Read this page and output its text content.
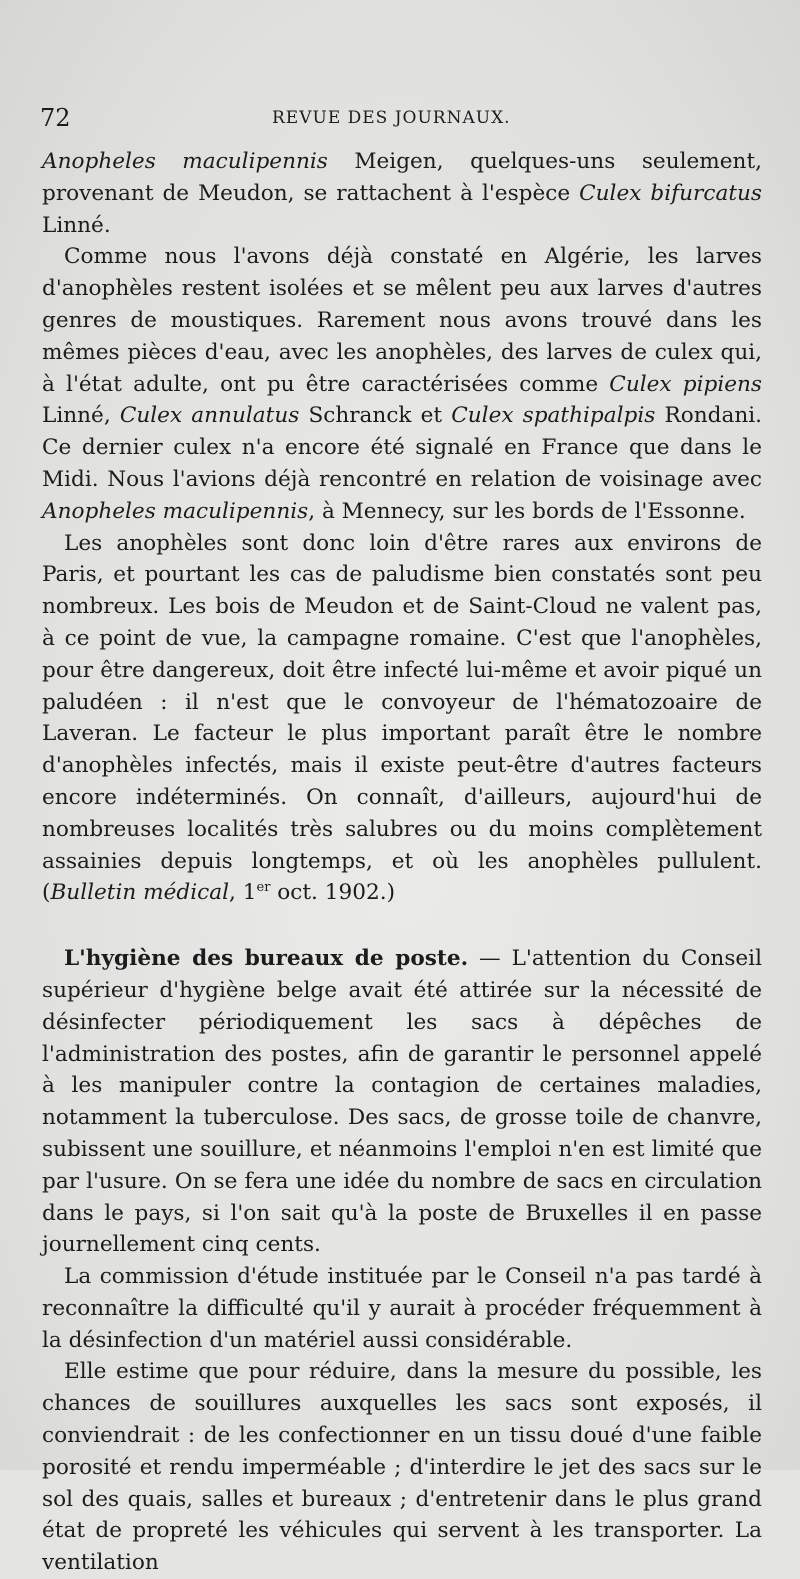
72	REVUE DES JOURNAUX.

Anopheles maculipennis Meigen, quelques-uns seulement, provenant de Meudon, se rattachent à l'espèce Culex bifurcatus Linné.

Comme nous l'avons déjà constaté en Algérie, les larves d'anophèles restent isolées et se mêlent peu aux larves d'autres genres de moustiques. Rarement nous avons trouvé dans les mêmes pièces d'eau, avec les anophèles, des larves de culex qui, à l'état adulte, ont pu être caractérisées comme Culex pipiens Linné, Culex annulatus Schranck et Culex spathipalpis Rondani. Ce dernier culex n'a encore été signalé en France que dans le Midi. Nous l'avions déjà rencontré en relation de voisinage avec Anopheles maculipennis, à Mennecy, sur les bords de l'Essonne.

Les anophèles sont donc loin d'être rares aux environs de Paris, et pourtant les cas de paludisme bien constatés sont peu nombreux. Les bois de Meudon et de Saint-Cloud ne valent pas, à ce point de vue, la campagne romaine. C'est que l'anophèles, pour être dangereux, doit être infecté lui-même et avoir piqué un paludéen : il n'est que le convoyeur de l'hématozoaire de Laveran. Le facteur le plus important paraît être le nombre d'anophèles infectés, mais il existe peut-être d'autres facteurs encore indéterminés. On connaît, d'ailleurs, aujourd'hui de nombreuses localités très salubres ou du moins complètement assainies depuis longtemps, et où les anophèles pullulent. (Bulletin médical, 1er oct. 1902.)

L'hygiène des bureaux de poste. — L'attention du Conseil supérieur d'hygiène belge avait été attirée sur la nécessité de désinfecter périodiquement les sacs à dépêches de l'administration des postes, afin de garantir le personnel appelé à les manipuler contre la contagion de certaines maladies, notamment la tuberculose. Des sacs, de grosse toile de chanvre, subissent une souillure, et néanmoins l'emploi n'en est limité que par l'usure. On se fera une idée du nombre de sacs en circulation dans le pays, si l'on sait qu'à la poste de Bruxelles il en passe journellement cinq cents.

La commission d'étude instituée par le Conseil n'a pas tardé à reconnaître la difficulté qu'il y aurait à procéder fréquemment à la désinfection d'un matériel aussi considérable.

Elle estime que pour réduire, dans la mesure du possible, les chances de souillures auxquelles les sacs sont exposés, il conviendrait : de les confectionner en un tissu doué d'une faible porosité et rendu imperméable ; d'interdire le jet des sacs sur le sol des quais, salles et bureaux ; d'entretenir dans le plus grand état de propreté les véhicules qui servent à les transporter. La ventilation
